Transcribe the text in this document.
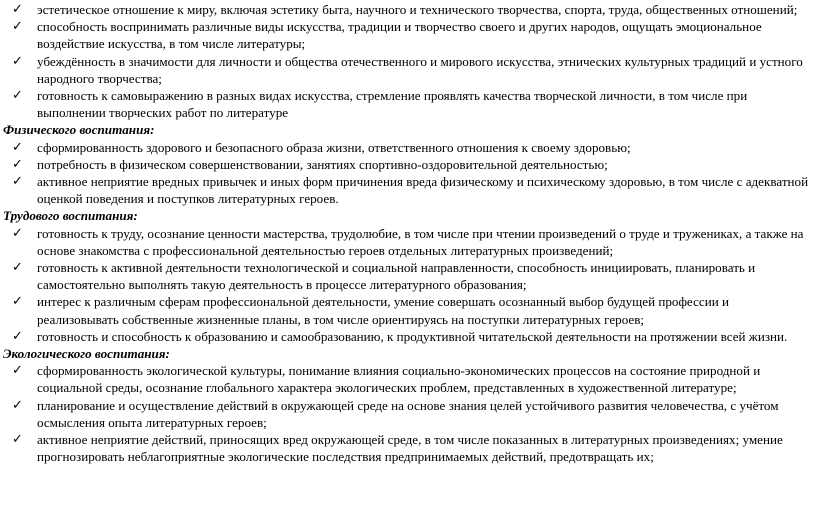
✓	эстетическое отношение к миру, включая эстетику быта, научного и технического творчества, спорта, труда, общественных отношений;
✓	способность воспринимать различные виды искусства, традиции и творчество своего и других народов, ощущать эмоциональное воздействие искусства, в том числе литературы;
✓	убеждённость в значимости для личности и общества отечественного и мирового искусства, этнических культурных традиций и устного народного творчества;
✓	готовность к самовыражению в разных видах искусства, стремление проявлять качества творческой личности, в том числе при выполнении творческих работ по литературе
Физического воспитания:
✓	сформированность здорового и безопасного образа жизни, ответственного отношения к своему здоровью;
✓	потребность в физическом совершенствовании, занятиях спортивно-оздоровительной деятельностью;
✓	активное неприятие вредных привычек и иных форм причинения вреда физическому и психическому здоровью, в том числе с адекватной оценкой поведения и поступков литературных героев.
Трудового воспитания:
✓	готовность к труду, осознание ценности мастерства, трудолюбие, в том числе при чтении произведений о труде и тружениках, а также на основе знакомства с профессиональной деятельностью героев отдельных литературных произведений;
✓	готовность к активной деятельности технологической и социальной направленности, способность инициировать, планировать и самостоятельно выполнять такую деятельность в процессе литературного образования;
✓	интерес к различным сферам профессиональной деятельности, умение совершать осознанный выбор будущей профессии и реализовывать собственные жизненные планы, в том числе ориентируясь на поступки литературных героев;
✓	готовность и способность к образованию и самообразованию, к продуктивной читательской деятельности на протяжении всей жизни.
Экологического воспитания:
✓	сформированность экологической культуры, понимание влияния социально-экономических процессов на состояние природной и социальной среды, осознание глобального характера экологических проблем, представленных в художественной литературе;
✓	планирование и осуществление действий в окружающей среде на основе знания целей устойчивого развития человечества, с учётом осмысления опыта литературных героев;
✓	активное неприятие действий, приносящих вред окружающей среде, в том числе показанных в литературных произведениях; умение прогнозировать неблагоприятные экологические последствия предпринимаемых действий, предотвращать их;
